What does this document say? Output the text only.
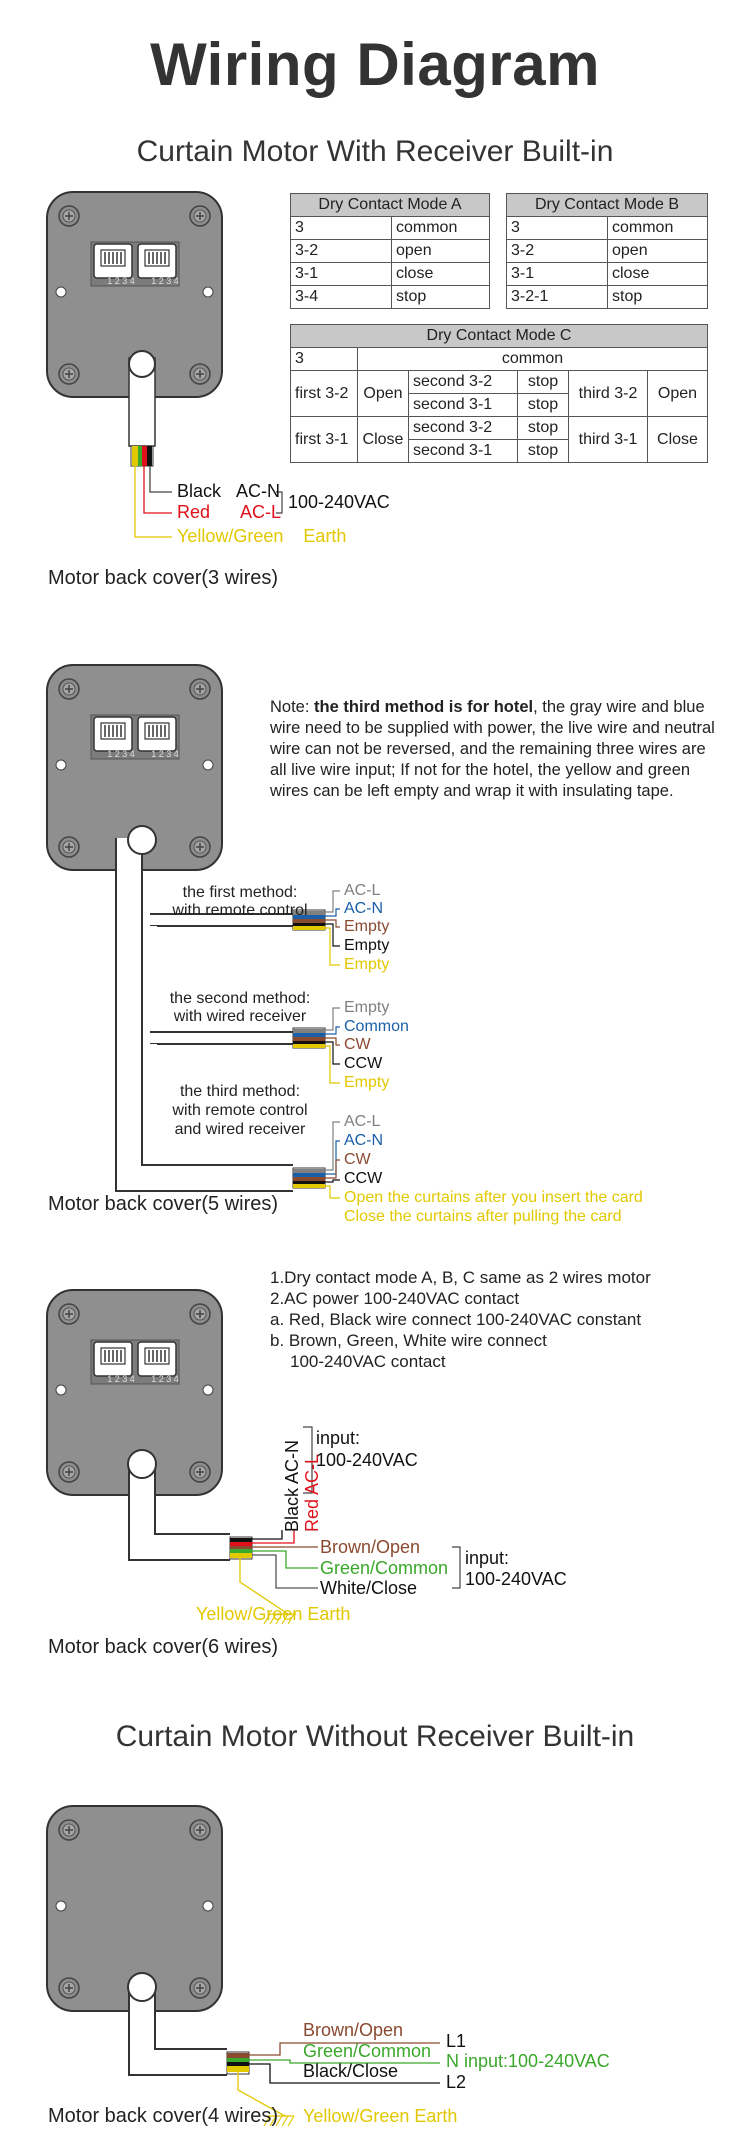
1 2 3 4	1 2 3 4
1 2 3 4	1 2 3 4
1 2 3 4	1 2 3 4
Wiring Diagram
Curtain Motor With Receiver Built-in
Curtain Motor Without Receiver Built-in
Black AC-N
Red AC-L
Yellow/Green Earth
100-240VAC
Motor back cover(3 wires)
Dry Contact Mode A	
3	common
3-2	open
3-1	close
3-4	stop
Dry Contact Mode B	
3	common
3-2	open
3-1	close
3-2-1	stop
Dry Contact Mode C					
3	common				
first 3-2	Open	second 3-2	stop	third 3-2	Open
		second 3-1	stop		
first 3-1	Close	second 3-2	stop	third 3-1	Close
		second 3-1	stop		
Note: the third method is for hotel, the gray wire and blue wire need to be supplied with power, the live wire and neutral wire can not be reversed, and the remaining three wires are all live wire input; If not for the hotel, the yellow and green wires can be left empty and wrap it with insulating tape.
the first method:
with remote control
AC-L
AC-N
Empty
Empty
Empty
the second method:
with wired receiver
Empty
Common
CW
CCW
Empty
the third method:
with remote control
and wired receiver	AC-L
AC-N
CW
CCW
Open the curtains after you insert the card
Close the curtains after pulling the card
Motor back cover(5 wires)
1.Dry contact mode A, B, C same as 2 wires motor
2.AC power 100-240VAC contact
a. Red, Black wire connect 100-240VAC constant
b. Brown, Green, White wire connect
100-240VAC contact
Black AC-N Red AC-L
input:
100-240VAC
Brown/Open
Green/Common
White/Close
input:
100-240VAC
Yellow/Green Earth
Motor back cover(6 wires)
Brown/Open
Green/Common
Black/Close
L1
N input:100-240VAC
L2
Yellow/Green Earth
Motor back cover(4 wires)
